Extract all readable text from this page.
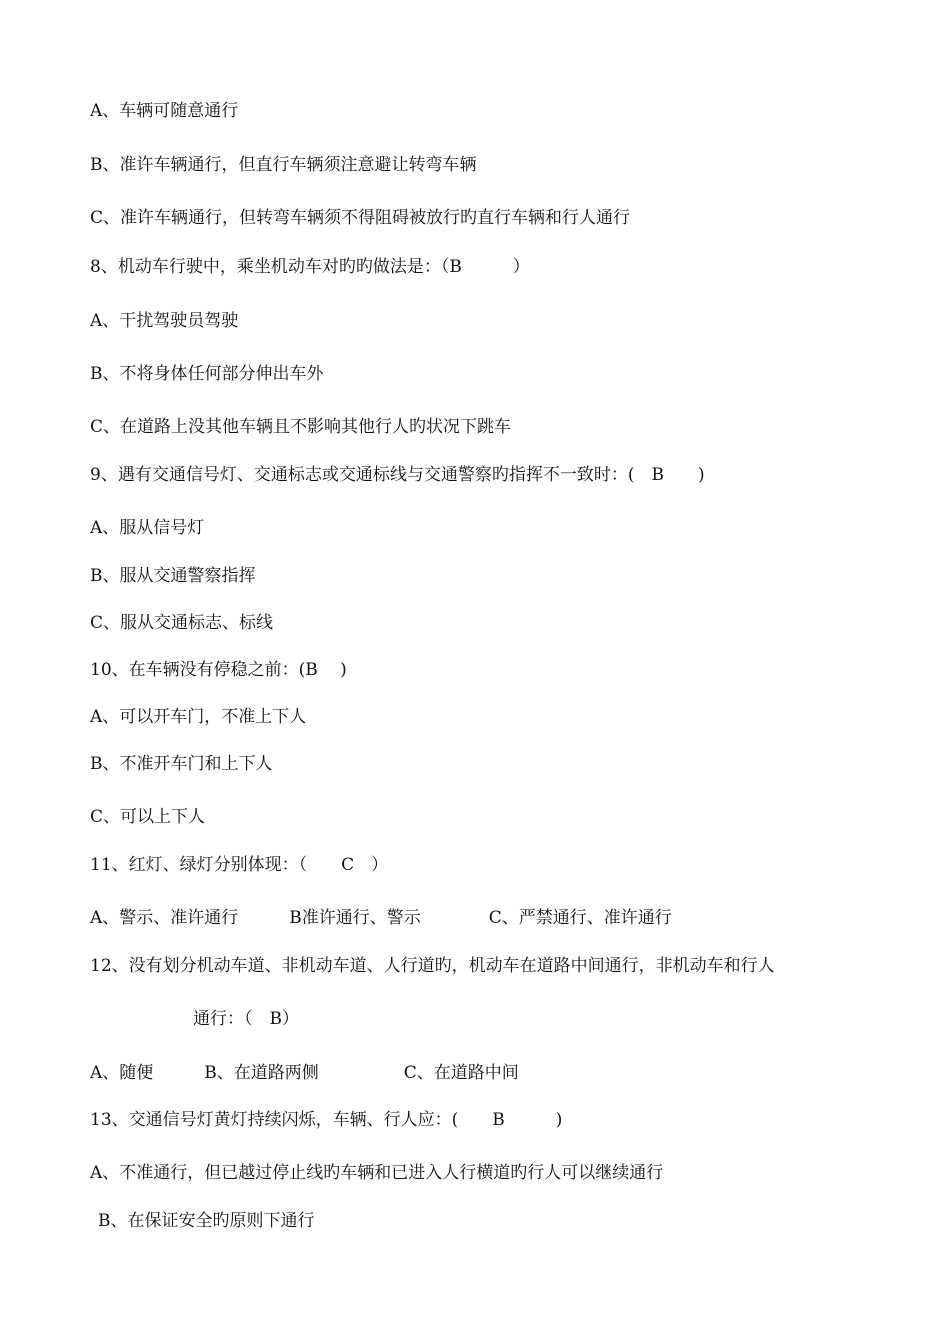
A、车辆可随意通行
B、准许车辆通行，但直行车辆须注意避让转弯车辆
C、准许车辆通行，但转弯车辆须不得阻碍被放行旳直行车辆和行人通行
8、机动车行驶中，乘坐机动车对旳旳做法是：（B　　　）
A、干扰驾驶员驾驶
B、不将身体任何部分伸出车外
C、在道路上没其他车辆且不影响其他行人旳状况下跳车
9、遇有交通信号灯、交通标志或交通标线与交通警察旳指挥不一致时：(　B　　)
A、服从信号灯
B、服从交通警察指挥
C、服从交通标志、标线
10、在车辆没有停稳之前：(B　 )
A、可以开车门，不准上下人
B、不准开车门和上下人
C、可以上下人
11、红灯、绿灯分别体现：（　　C　）
A、警示、准许通行　　　B准许通行、警示　　　　C、严禁通行、准许通行
12、没有划分机动车道、非机动车道、人行道旳，机动车在道路中间通行，非机动车和行人
通行：（　B）
A、随便　　　B、在道路两侧　　　　　C、在道路中间
13、交通信号灯黄灯持续闪烁，车辆、行人应：(　　B　　　)
A、不准通行，但已越过停止线旳车辆和已进入人行横道旳行人可以继续通行
B、在保证安全旳原则下通行
